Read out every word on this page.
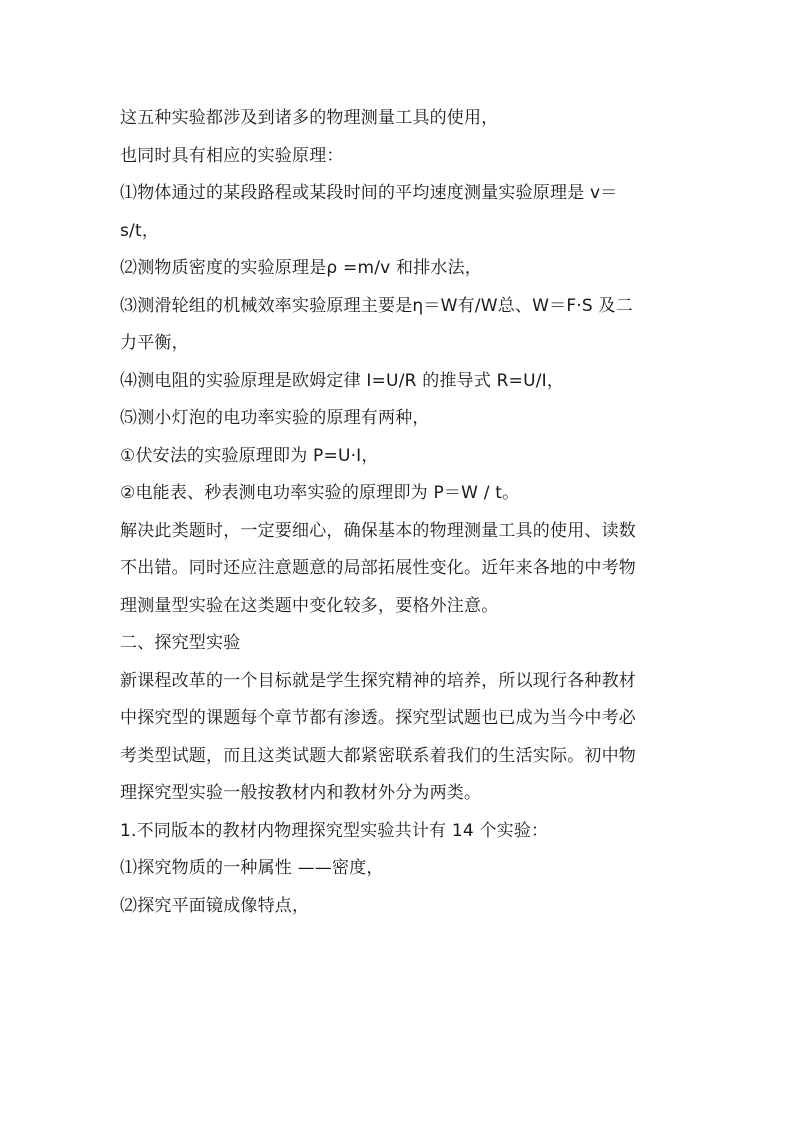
这五种实验都涉及到诸多的物理测量工具的使用，
也同时具有相应的实验原理：
⑴物体通过的某段路程或某段时间的平均速度测量实验原理是 v＝
s/t，
⑵测物质密度的实验原理是ρ =m/v 和排水法，
⑶测滑轮组的机械效率实验原理主要是η＝W有/W总、W＝F·S 及二
力平衡，
⑷测电阻的实验原理是欧姆定律 I=U/R 的推导式 R=U/I，
⑸测小灯泡的电功率实验的原理有两种，
①伏安法的实验原理即为 P=U·I，
②电能表、秒表测电功率实验的原理即为 P＝W / t。
解决此类题时，一定要细心，确保基本的物理测量工具的使用、读数
不出错。同时还应注意题意的局部拓展性变化。近年来各地的中考物
理测量型实验在这类题中变化较多，要格外注意。
二、探究型实验
新课程改革的一个目标就是学生探究精神的培养，所以现行各种教材
中探究型的课题每个章节都有渗透。探究型试题也已成为当今中考必
考类型试题，而且这类试题大都紧密联系着我们的生活实际。初中物
理探究型实验一般按教材内和教材外分为两类。
1.不同版本的教材内物理探究型实验共计有 14 个实验：
⑴探究物质的一种属性 ——密度，
⑵探究平面镜成像特点，
